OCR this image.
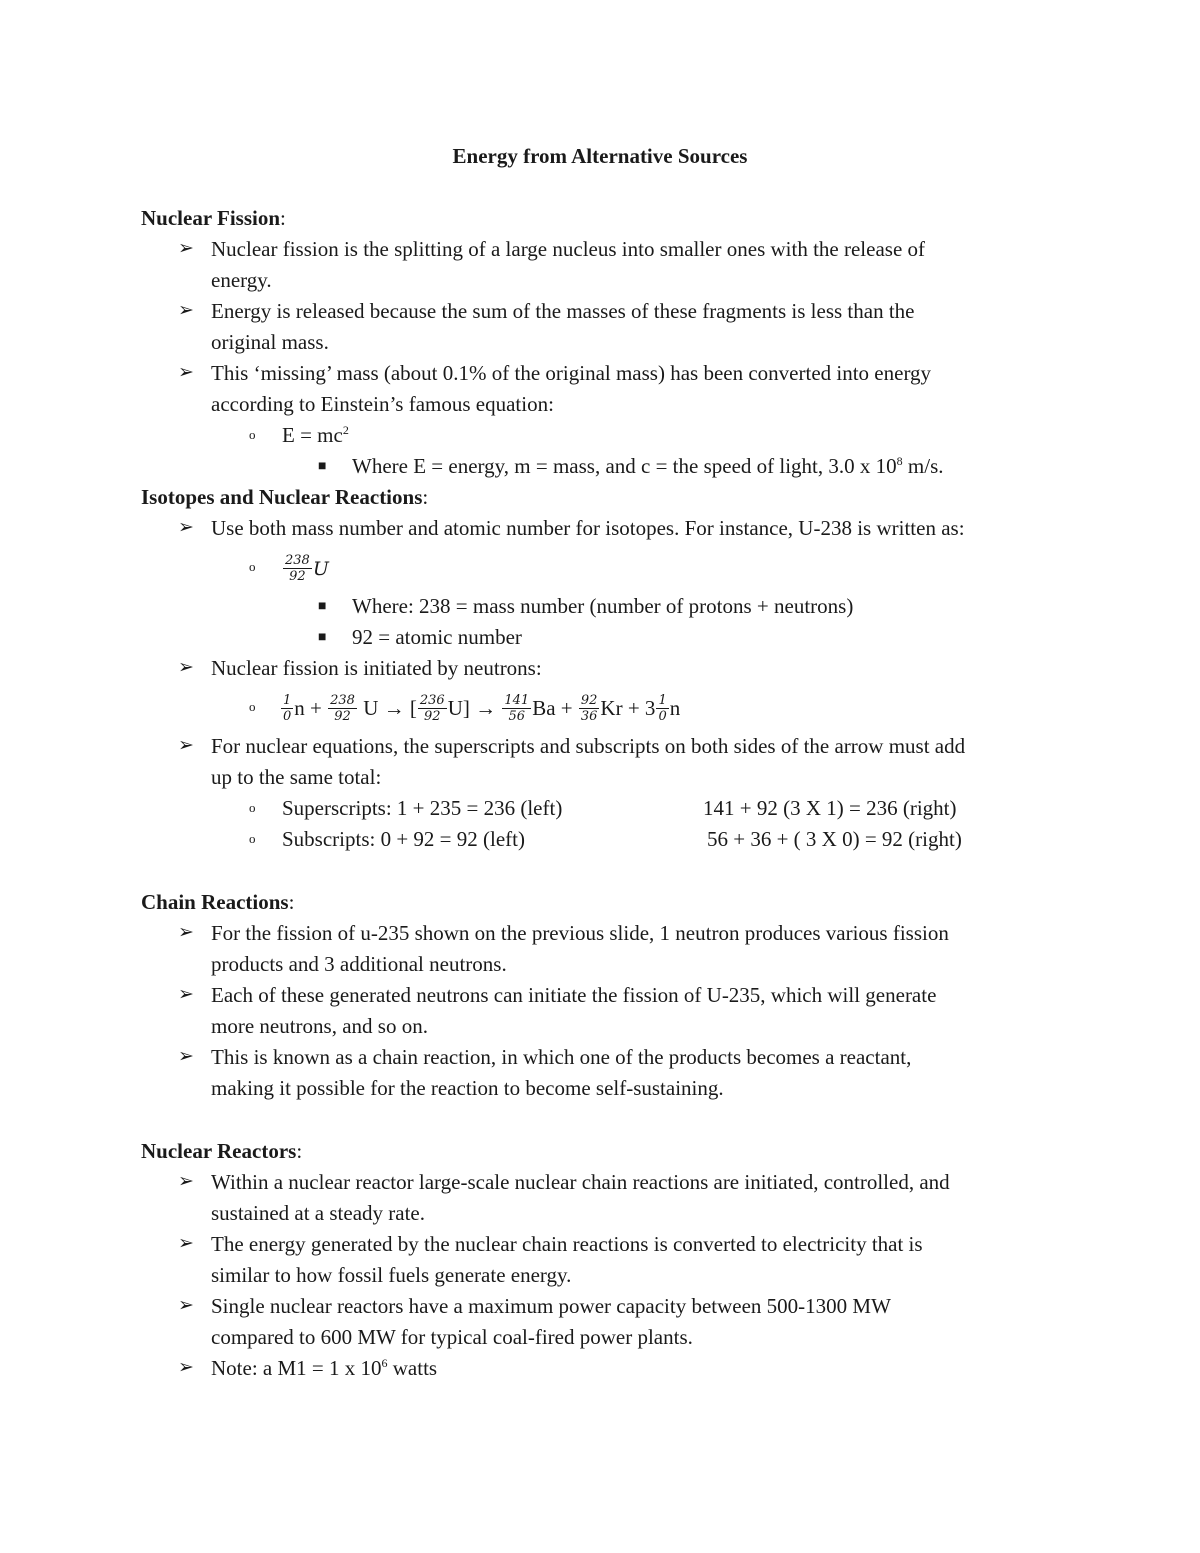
Energy from Alternative Sources
Nuclear Fission:
➢ Nuclear fission is the splitting of a large nucleus into smaller ones with the release of
energy.
➢ Energy is released because the sum of the masses of these fragments is less than the
original mass.
➢ This ‘missing’ mass (about 0.1% of the original mass) has been converted into energy
according to Einstein’s famous equation:
o $E = mc^2$
■ Where E = energy, m = mass, and c = the speed of light, 3.0 x $10^8$ m/s.
Isotopes and Nuclear Reactions:
➢ Use both mass number and atomic number for isotopes. For instance, U-238 is written as:
o $\frac{238}{92}$ U
■ Where: 238 = mass number (number of protons + neutrons)
■ 92 = atomic number
➢ Nuclear fission is initiated by neutrons:
o $\frac{1}{0}$ $n + \frac{238}{92}$ U → [ $\frac{236}{92} U] \to \frac{141}{56}$ $Ba + \frac{92}{36}$ $Kr + 3 \frac{1}{0}$ n
➢ For nuclear equations, the superscripts and subscripts on both sides of the arrow must add
up to the same total:
o Superscripts: 1 + 235 = 236 (left)	141 + 92 (3 X 1) = 236 (right)
o Subscripts: 0 + 92 = 92 (left)	56 + 36 + ( 3 X 0) = 92 (right)
Chain Reactions:
➢ For the fission of u-235 shown on the previous slide, 1 neutron produces various fission
products and 3 additional neutrons.
➢ Each of these generated neutrons can initiate the fission of U-235, which will generate
more neutrons, and so on.
➢ This is known as a chain reaction, in which one of the products becomes a reactant,
making it possible for the reaction to become self-sustaining.
Nuclear Reactors:
➢ Within a nuclear reactor large-scale nuclear chain reactions are initiated, controlled, and
sustained at a steady rate.
➢ The energy generated by the nuclear chain reactions is converted to electricity that is
similar to how fossil fuels generate energy.
➢ Single nuclear reactors have a maximum power capacity between 500-1300 MW
compared to 600 MW for typical coal-fired power plants.
➢ Note: a M1 = 1 x $10^6$ watts
